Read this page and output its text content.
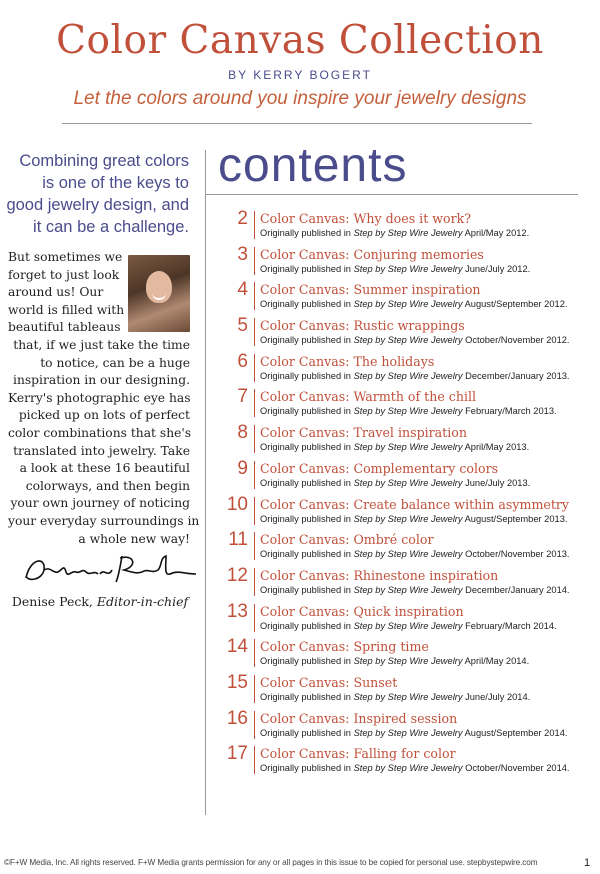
Color Canvas Collection
BY KERRY BOGERT
Let the colors around you inspire your jewelry designs
Combining great colors
is one of the keys to
good jewelry design, and
it can be a challenge.
But sometimes we
forget to just look
around us! Our
world is filled with
beautiful tableaus
that, if we just take the time
to notice, can be a huge
inspiration in our designing.
Kerry's photographic eye has
picked up on lots of perfect
color combinations that she's
translated into jewelry. Take
a look at these 16 beautiful
colorways, and then begin
your own journey of noticing
your everyday surroundings in
a whole new way!
Denise Peck, Editor-in-chief
contents
2 Color Canvas: Why does it work?
Originally published in Step by Step Wire Jewelry April/May 2012.
3 Color Canvas: Conjuring memories
Originally published in Step by Step Wire Jewelry June/July 2012.
4 Color Canvas: Summer inspiration
Originally published in Step by Step Wire Jewelry August/September 2012.
5 Color Canvas: Rustic wrappings
Originally published in Step by Step Wire Jewelry October/November 2012.
6 Color Canvas: The holidays
Originally published in Step by Step Wire Jewelry December/January 2013.
7 Color Canvas: Warmth of the chill
Originally published in Step by Step Wire Jewelry February/March 2013.
8 Color Canvas: Travel inspiration
Originally published in Step by Step Wire Jewelry April/May 2013.
9 Color Canvas: Complementary colors
Originally published in Step by Step Wire Jewelry June/July 2013.
10 Color Canvas: Create balance within asymmetry
Originally published in Step by Step Wire Jewelry August/September 2013.
11 Color Canvas: Ombré color
Originally published in Step by Step Wire Jewelry October/November 2013.
12 Color Canvas: Rhinestone inspiration
Originally published in Step by Step Wire Jewelry December/January 2014.
13 Color Canvas: Quick inspiration
Originally published in Step by Step Wire Jewelry February/March 2014.
14 Color Canvas: Spring time
Originally published in Step by Step Wire Jewelry April/May 2014.
15 Color Canvas: Sunset
Originally published in Step by Step Wire Jewelry June/July 2014.
16 Color Canvas: Inspired session
Originally published in Step by Step Wire Jewelry August/September 2014.
17 Color Canvas: Falling for color
Originally published in Step by Step Wire Jewelry October/November 2014.
©F+W Media, Inc. All rights reserved. F+W Media grants permission for any or all pages in this issue to be copied for personal use. stepbystepwire.com	1
